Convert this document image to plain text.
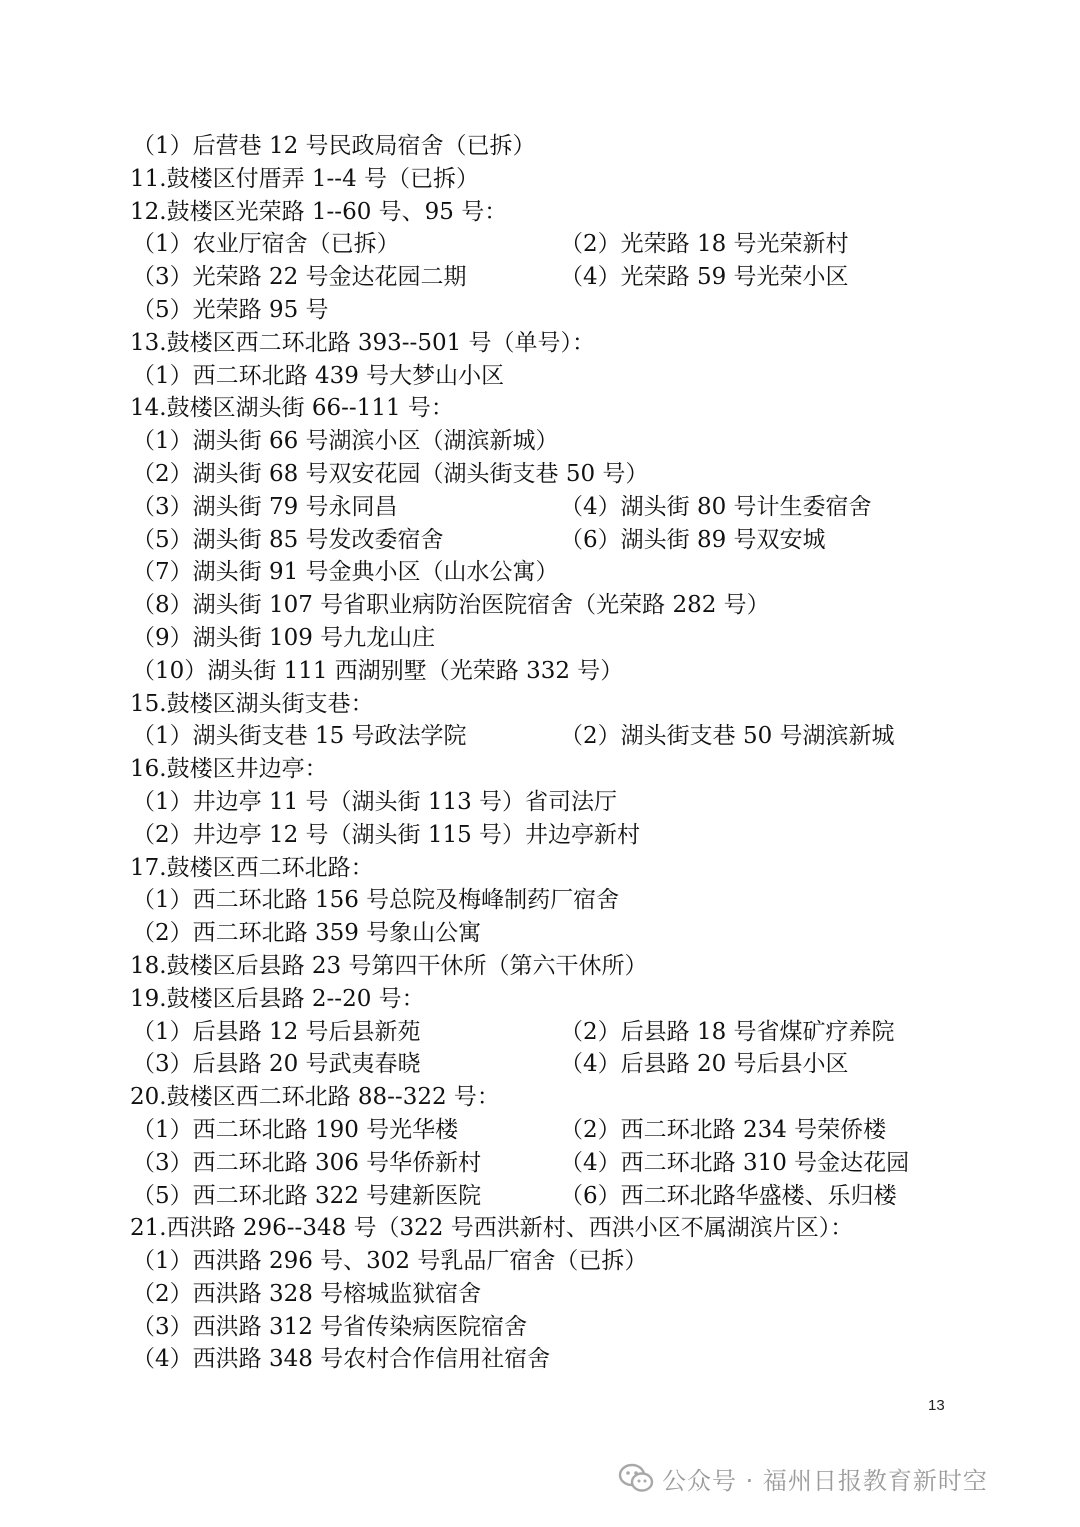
（1）后营巷 12 号民政局宿舍（已拆）
11.鼓楼区付厝弄 1--4 号（已拆）
12.鼓楼区光荣路 1--60 号、95 号：
（1）农业厅宿舍（已拆）	（2）光荣路 18 号光荣新村
（3）光荣路 22 号金达花园二期	（4）光荣路 59 号光荣小区
（5）光荣路 95 号
13.鼓楼区西二环北路 393--501 号（单号）：
（1）西二环北路 439 号大梦山小区
14.鼓楼区湖头街 66--111 号：
（1）湖头街 66 号湖滨小区（湖滨新城）
（2）湖头街 68 号双安花园（湖头街支巷 50 号）
（3）湖头街 79 号永同昌	（4）湖头街 80 号计生委宿舍
（5）湖头街 85 号发改委宿舍	（6）湖头街 89 号双安城
（7）湖头街 91 号金典小区（山水公寓）
（8）湖头街 107 号省职业病防治医院宿舍（光荣路 282 号）
（9）湖头街 109 号九龙山庄
（10）湖头街 111 西湖别墅（光荣路 332 号）
15.鼓楼区湖头街支巷：
（1）湖头街支巷 15 号政法学院	（2）湖头街支巷 50 号湖滨新城
16.鼓楼区井边亭：
（1）井边亭 11 号（湖头街 113 号）省司法厅
（2）井边亭 12 号（湖头街 115 号）井边亭新村
17.鼓楼区西二环北路：
（1）西二环北路 156 号总院及梅峰制药厂宿舍
（2）西二环北路 359 号象山公寓
18.鼓楼区后县路 23 号第四干休所（第六干休所）
19.鼓楼区后县路 2--20 号：
（1）后县路 12 号后县新苑	（2）后县路 18 号省煤矿疗养院
（3）后县路 20 号武夷春晓	（4）后县路 20 号后县小区
20.鼓楼区西二环北路 88--322 号：
（1）西二环北路 190 号光华楼	（2）西二环北路 234 号荣侨楼
（3）西二环北路 306 号华侨新村	（4）西二环北路 310 号金达花园
（5）西二环北路 322 号建新医院	（6）西二环北路华盛楼、乐归楼
21.西洪路 296--348 号（322 号西洪新村、西洪小区不属湖滨片区）：
（1）西洪路 296 号、302 号乳品厂宿舍（已拆）
（2）西洪路 328 号榕城监狱宿舍
（3）西洪路 312 号省传染病医院宿舍
（4）西洪路 348 号农村合作信用社宿舍
13
公众号 · 福州日报教育新时空
